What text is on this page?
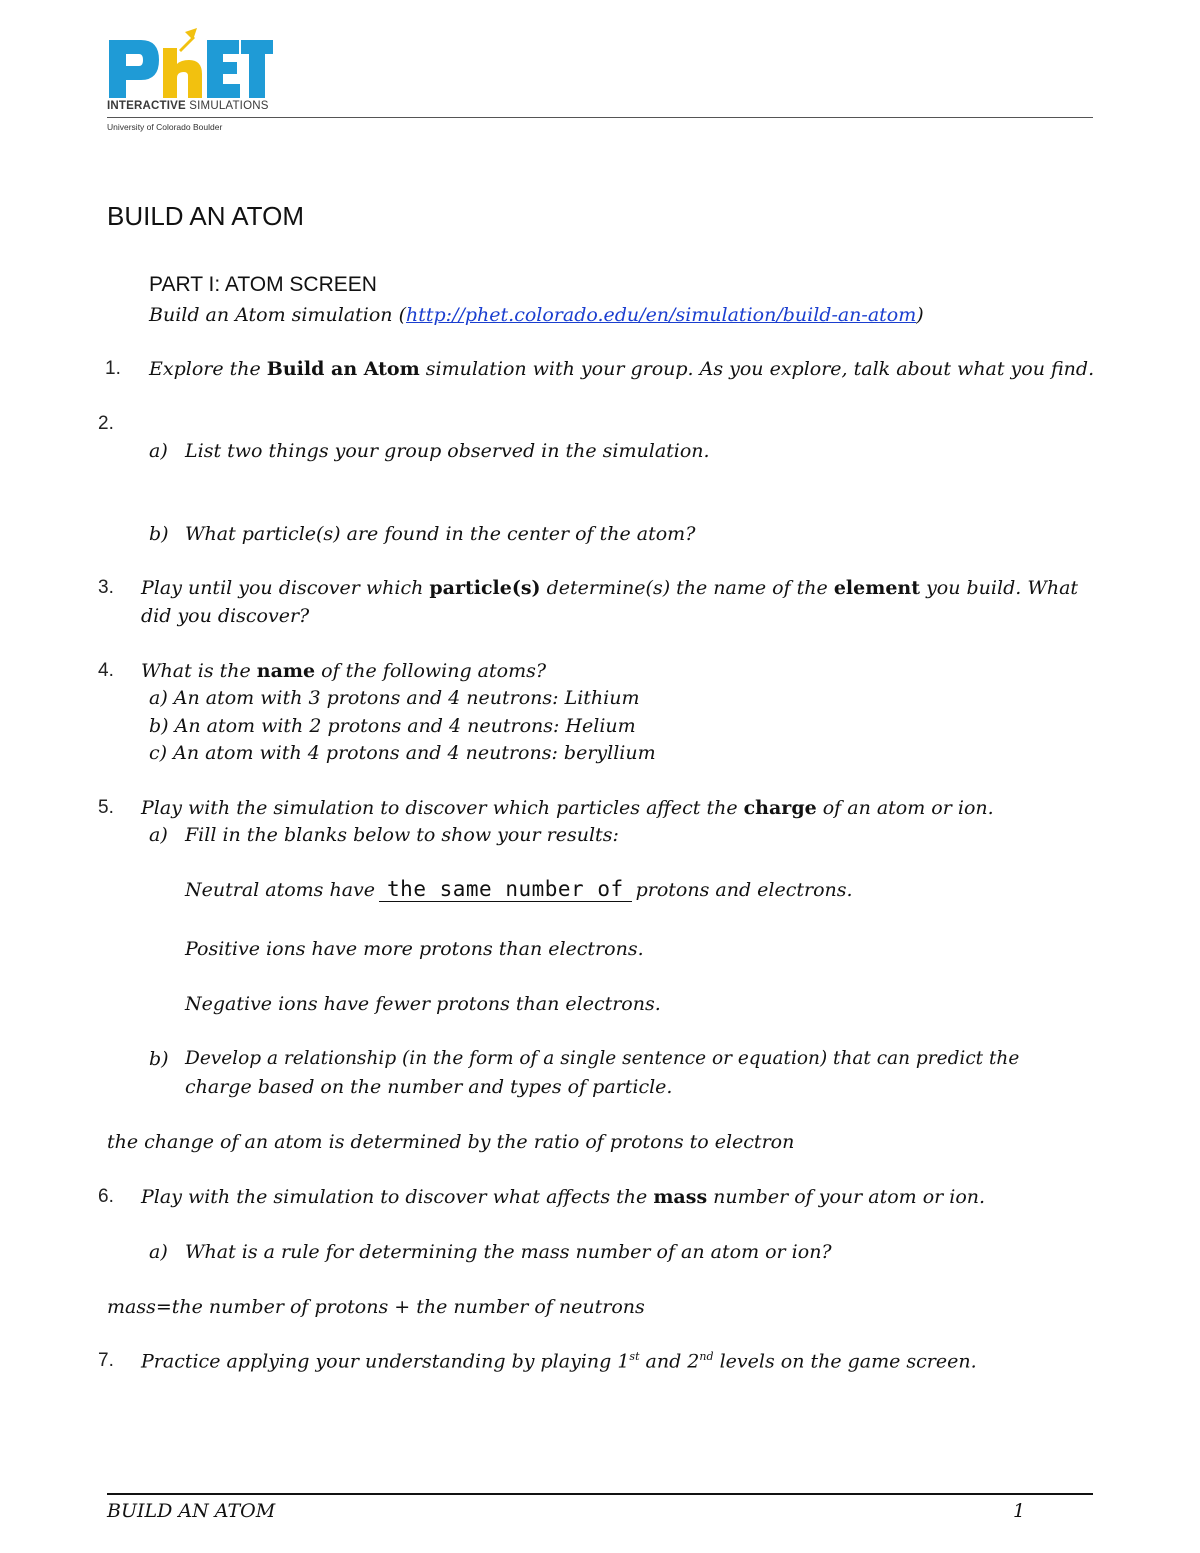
INTERACTIVE SIMULATIONS
University of Colorado Boulder
BUILD AN ATOM
PART I: ATOM SCREEN
Build an Atom simulation (http://phet.colorado.edu/en/simulation/build-an-atom)
1. Explore the Build an Atom simulation with your group. As you explore, talk about what you find.
2.
a) List two things your group observed in the simulation.
b) What particle(s) are found in the center of the atom?
3. Play until you discover which particle(s) determine(s) the name of the element you build. What
did you discover?
4. What is the name of the following atoms?
a) An atom with 3 protons and 4 neutrons: Lithium
b) An atom with 2 protons and 4 neutrons: Helium
c) An atom with 4 protons and 4 neutrons: beryllium
5. Play with the simulation to discover which particles affect the charge of an atom or ion.
a) Fill in the blanks below to show your results:
Neutral atoms have the same number of protons and electrons.
Positive ions have more protons than electrons.
Negative ions have fewer protons than electrons.
b) Develop a relationship (in the form of a single sentence or equation) that can predict the
charge based on the number and types of particle.
the change of an atom is determined by the ratio of protons to electron
6. Play with the simulation to discover what affects the mass number of your atom or ion.
a) What is a rule for determining the mass number of an atom or ion?
mass=the number of protons + the number of neutrons
7. Practice applying your understanding by playing 1st and 2nd levels on the game screen.
BUILD AN ATOM	1
